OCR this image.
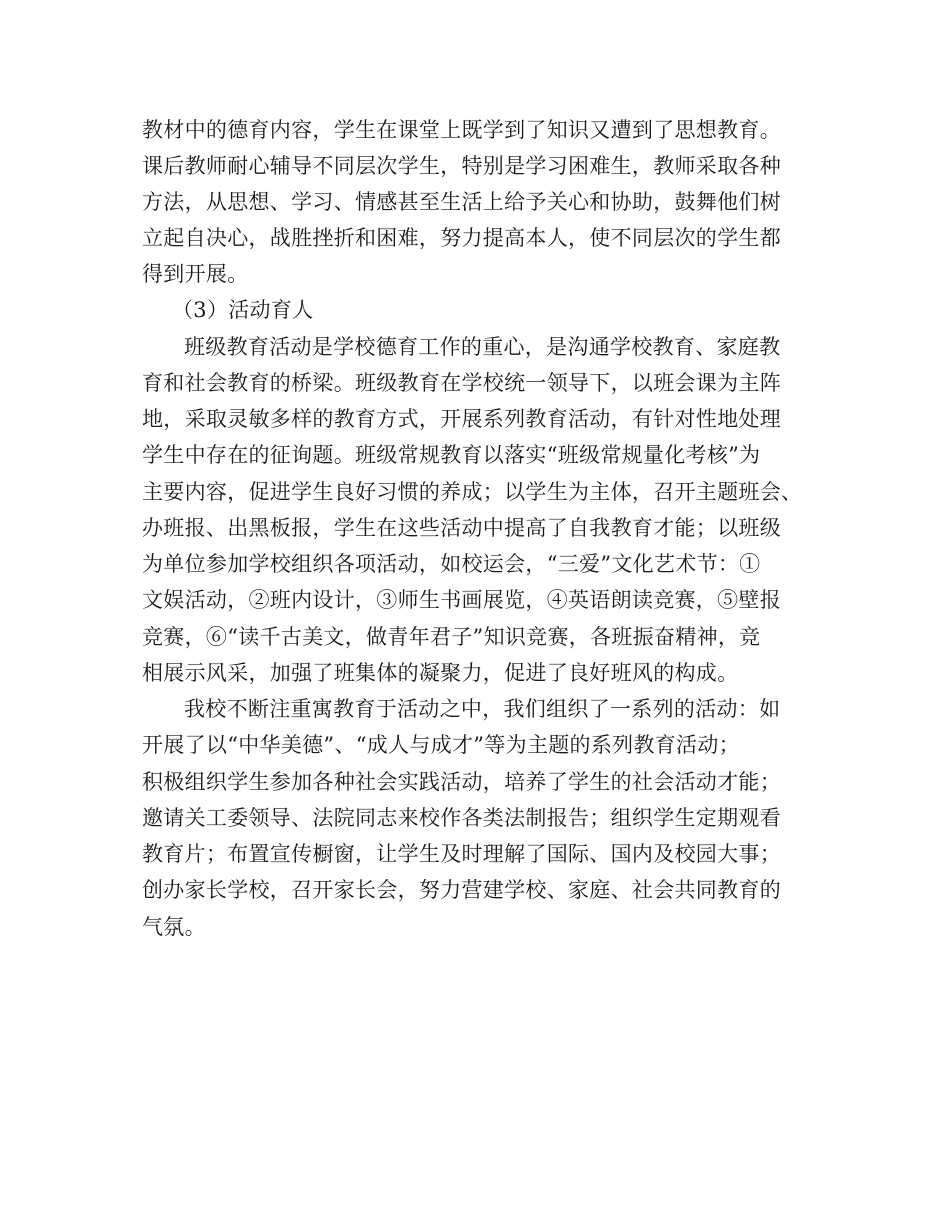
教材中的德育内容，学生在课堂上既学到了知识又遭到了思想教育。
课后教师耐心辅导不同层次学生，特别是学习困难生，教师采取各种
方法，从思想、学习、情感甚至生活上给予关心和协助，鼓舞他们树
立起自决心，战胜挫折和困难，努力提高本人，使不同层次的学生都
得到开展。
（3）活动育人
班级教育活动是学校德育工作的重心，是沟通学校教育、家庭教
育和社会教育的桥梁。班级教育在学校统一领导下，以班会课为主阵
地，采取灵敏多样的教育方式，开展系列教育活动，有针对性地处理
学生中存在的征询题。班级常规教育以落实“班级常规量化考核”为
主要内容，促进学生良好习惯的养成；以学生为主体，召开主题班会、
办班报、出黑板报，学生在这些活动中提高了自我教育才能；以班级
为单位参加学校组织各项活动，如校运会，“三爱”文化艺术节：①
文娱活动，②班内设计，③师生书画展览，④英语朗读竞赛，⑤壁报
竞赛，⑥“读千古美文，做青年君子”知识竞赛，各班振奋精神，竞
相展示风采，加强了班集体的凝聚力，促进了良好班风的构成。
我校不断注重寓教育于活动之中，我们组织了一系列的活动：如
开展了以“中华美德”、“成人与成才”等为主题的系列教育活动；
积极组织学生参加各种社会实践活动，培养了学生的社会活动才能；
邀请关工委领导、法院同志来校作各类法制报告；组织学生定期观看
教育片；布置宣传橱窗，让学生及时理解了国际、国内及校园大事；
创办家长学校，召开家长会，努力营建学校、家庭、社会共同教育的
气氛。
